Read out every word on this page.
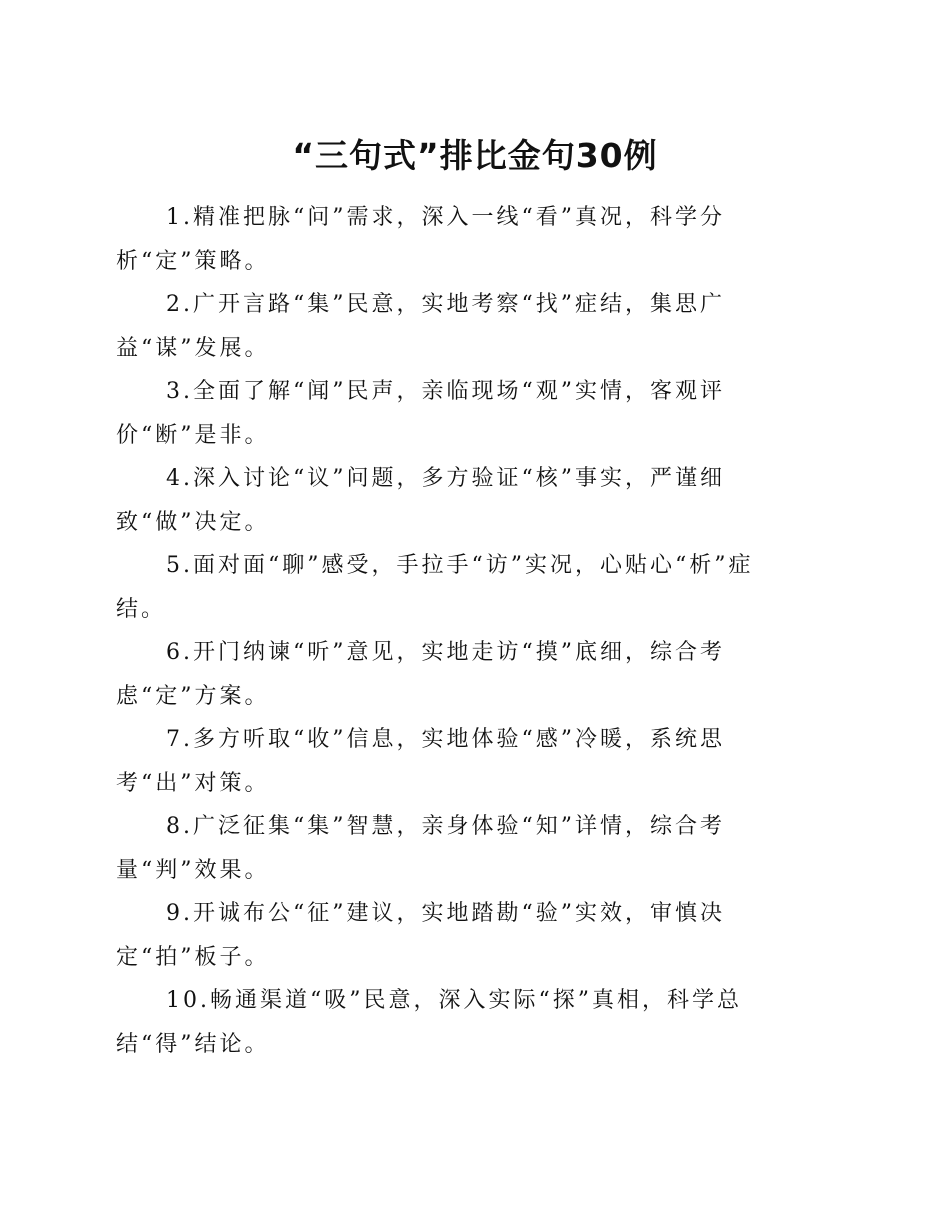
“三句式”排比金句30例
1.精准把脉“问”需求，深入一线“看”真况，科学分
析“定”策略。
2.广开言路“集”民意，实地考察“找”症结，集思广
益“谋”发展。
3.全面了解“闻”民声，亲临现场“观”实情，客观评
价“断”是非。
4.深入讨论“议”问题，多方验证“核”事实，严谨细
致“做”决定。
5.面对面“聊”感受，手拉手“访”实况，心贴心“析”症
结。
6.开门纳谏“听”意见，实地走访“摸”底细，综合考
虑“定”方案。
7.多方听取“收”信息，实地体验“感”冷暖，系统思
考“出”对策。
8.广泛征集“集”智慧，亲身体验“知”详情，综合考
量“判”效果。
9.开诚布公“征”建议，实地踏勘“验”实效，审慎决
定“拍”板子。
10.畅通渠道“吸”民意，深入实际“探”真相，科学总
结“得”结论。
